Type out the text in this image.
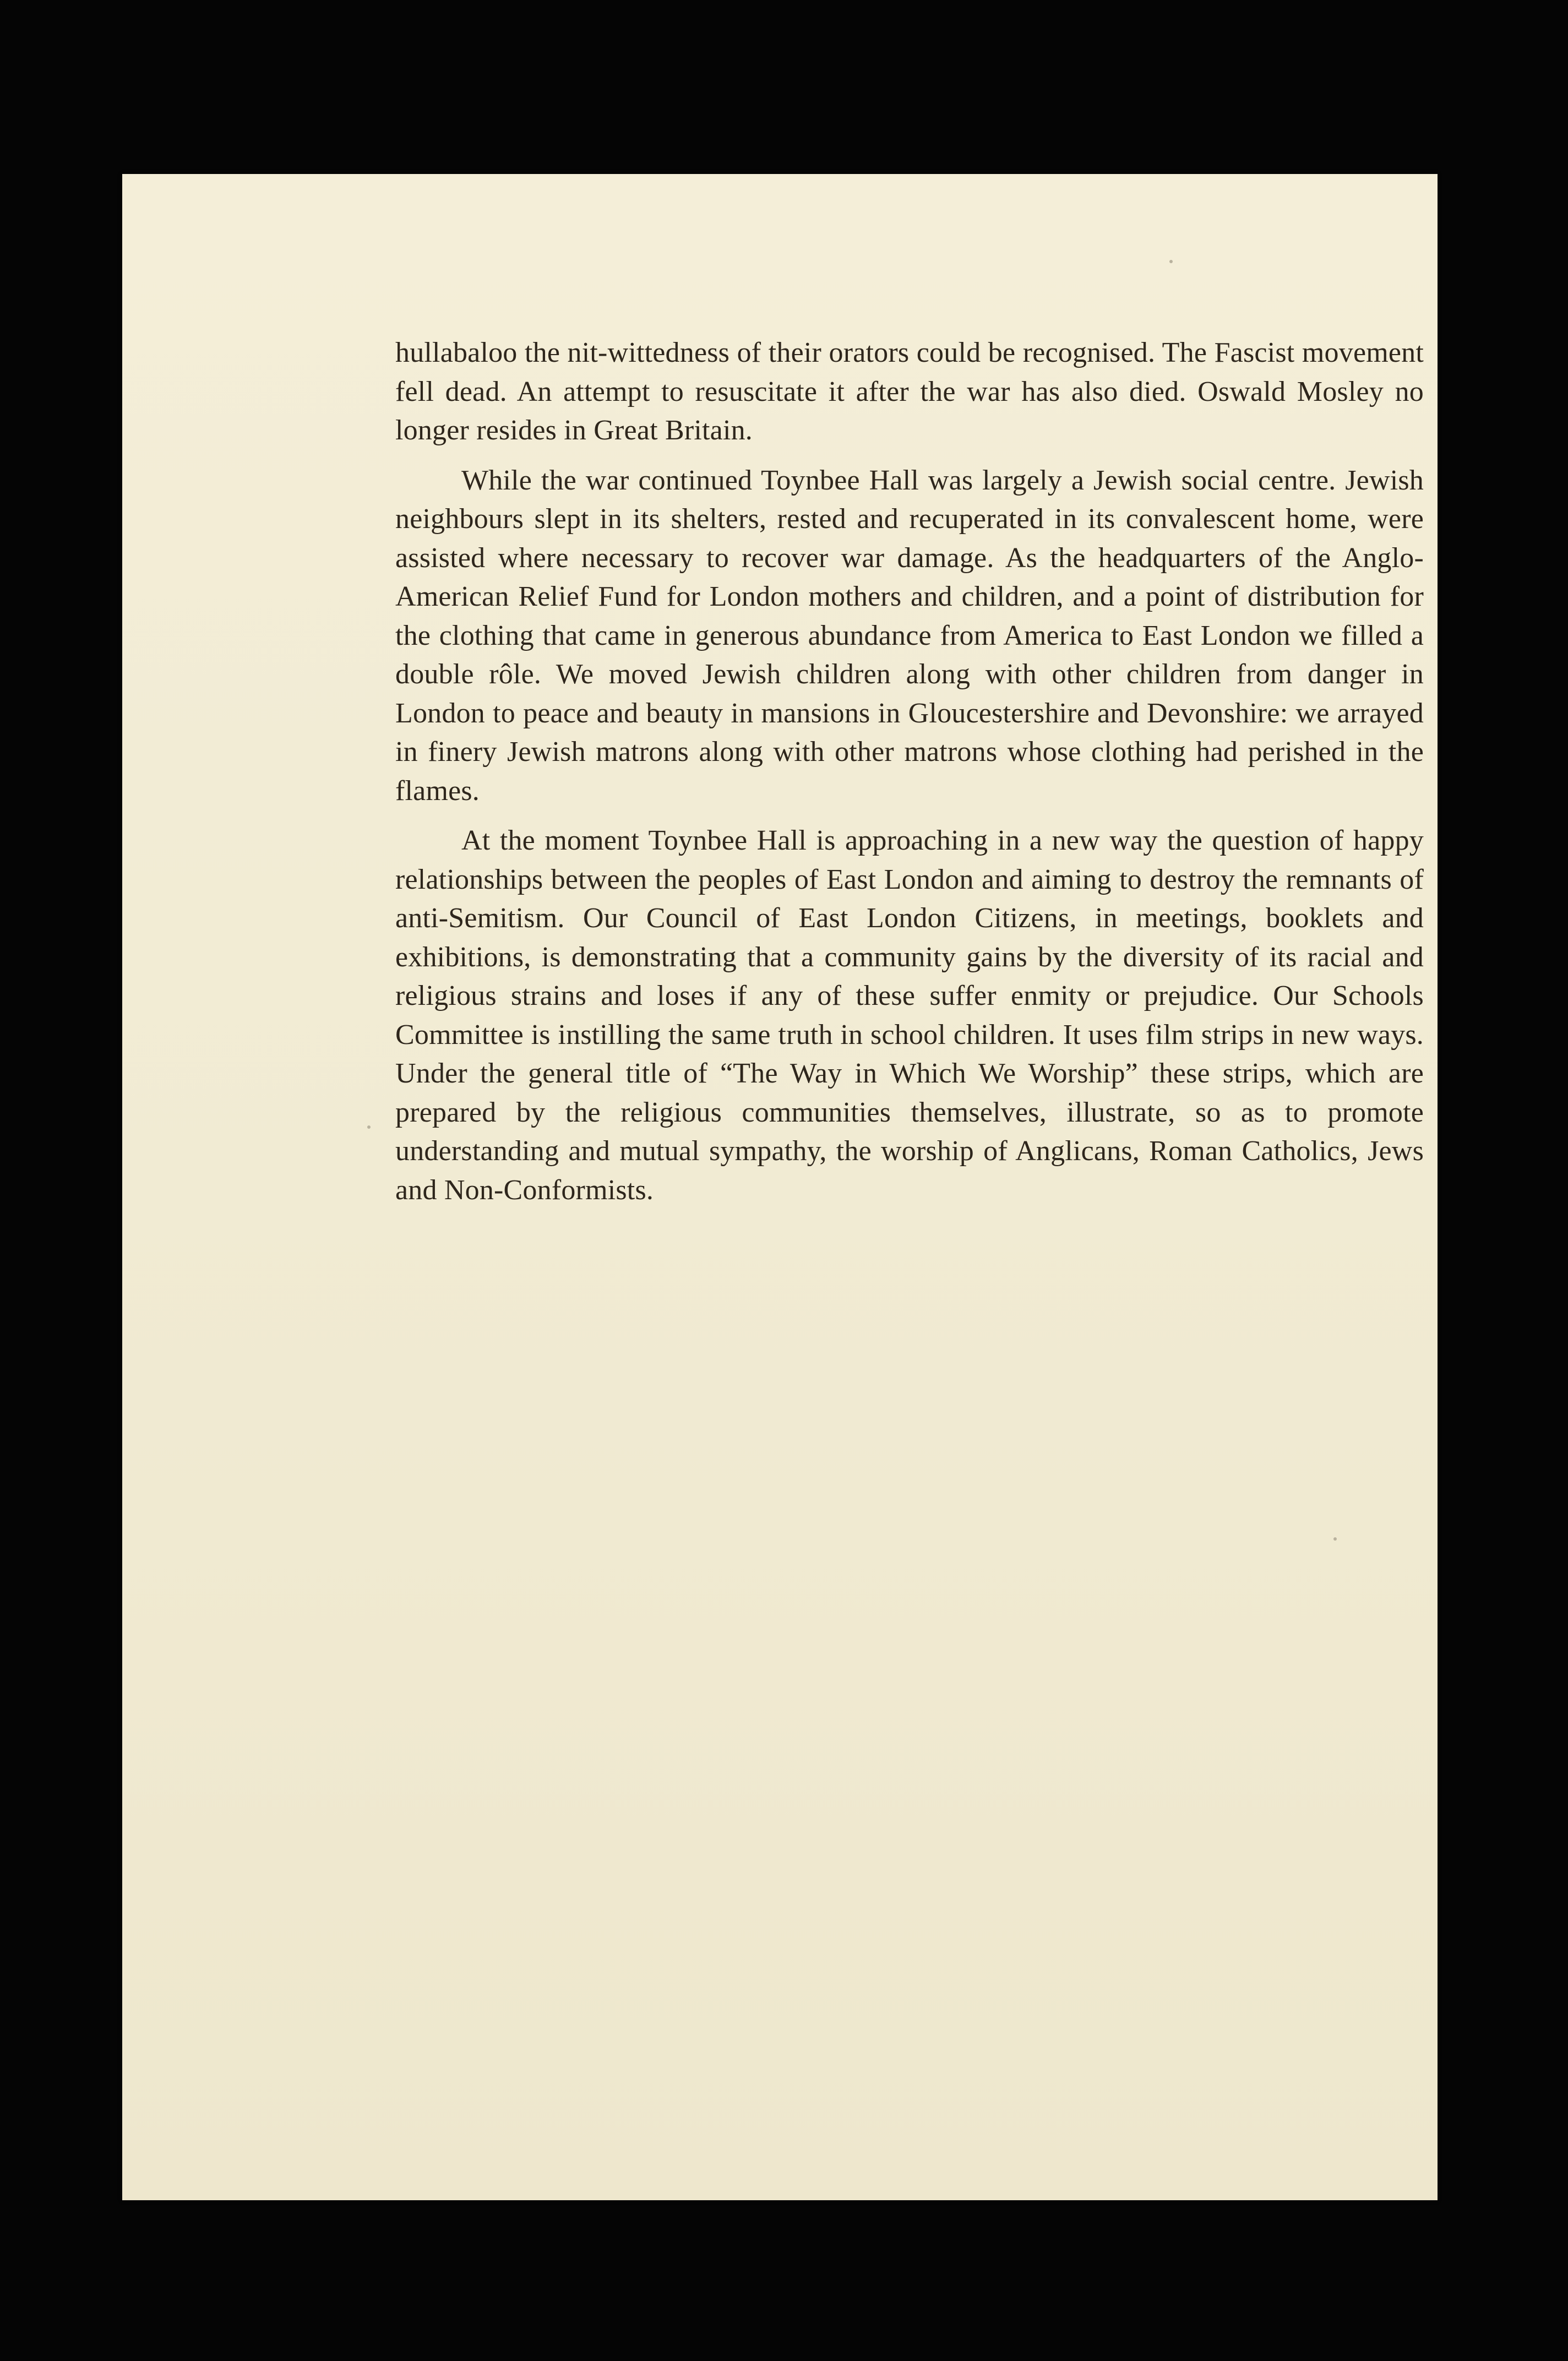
hullabaloo the nit-wittedness of their orators could be recognised. The Fascist movement fell dead. An attempt to resuscitate it after the war has also died. Oswald Mosley no longer resides in Great Britain.

While the war continued Toynbee Hall was largely a Jewish social centre. Jewish neighbours slept in its shelters, rested and recuperated in its convalescent home, were assisted where necessary to recover war damage. As the headquarters of the Anglo-American Relief Fund for London mothers and children, and a point of distribution for the clothing that came in generous abundance from America to East London we filled a double rôle. We moved Jewish children along with other children from danger in London to peace and beauty in mansions in Gloucestershire and Devonshire: we arrayed in finery Jewish matrons along with other matrons whose clothing had perished in the flames.

At the moment Toynbee Hall is approaching in a new way the question of happy relationships between the peoples of East London and aiming to destroy the remnants of anti-Semitism. Our Council of East London Citizens, in meetings, booklets and exhibitions, is demonstrating that a community gains by the diversity of its racial and religious strains and loses if any of these suffer enmity or prejudice. Our Schools Committee is instilling the same truth in school children. It uses film strips in new ways. Under the general title of “The Way in Which We Worship” these strips, which are prepared by the religious communities themselves, illustrate, so as to promote understanding and mutual sympathy, the worship of Anglicans, Roman Catholics, Jews and Non-Conformists.
